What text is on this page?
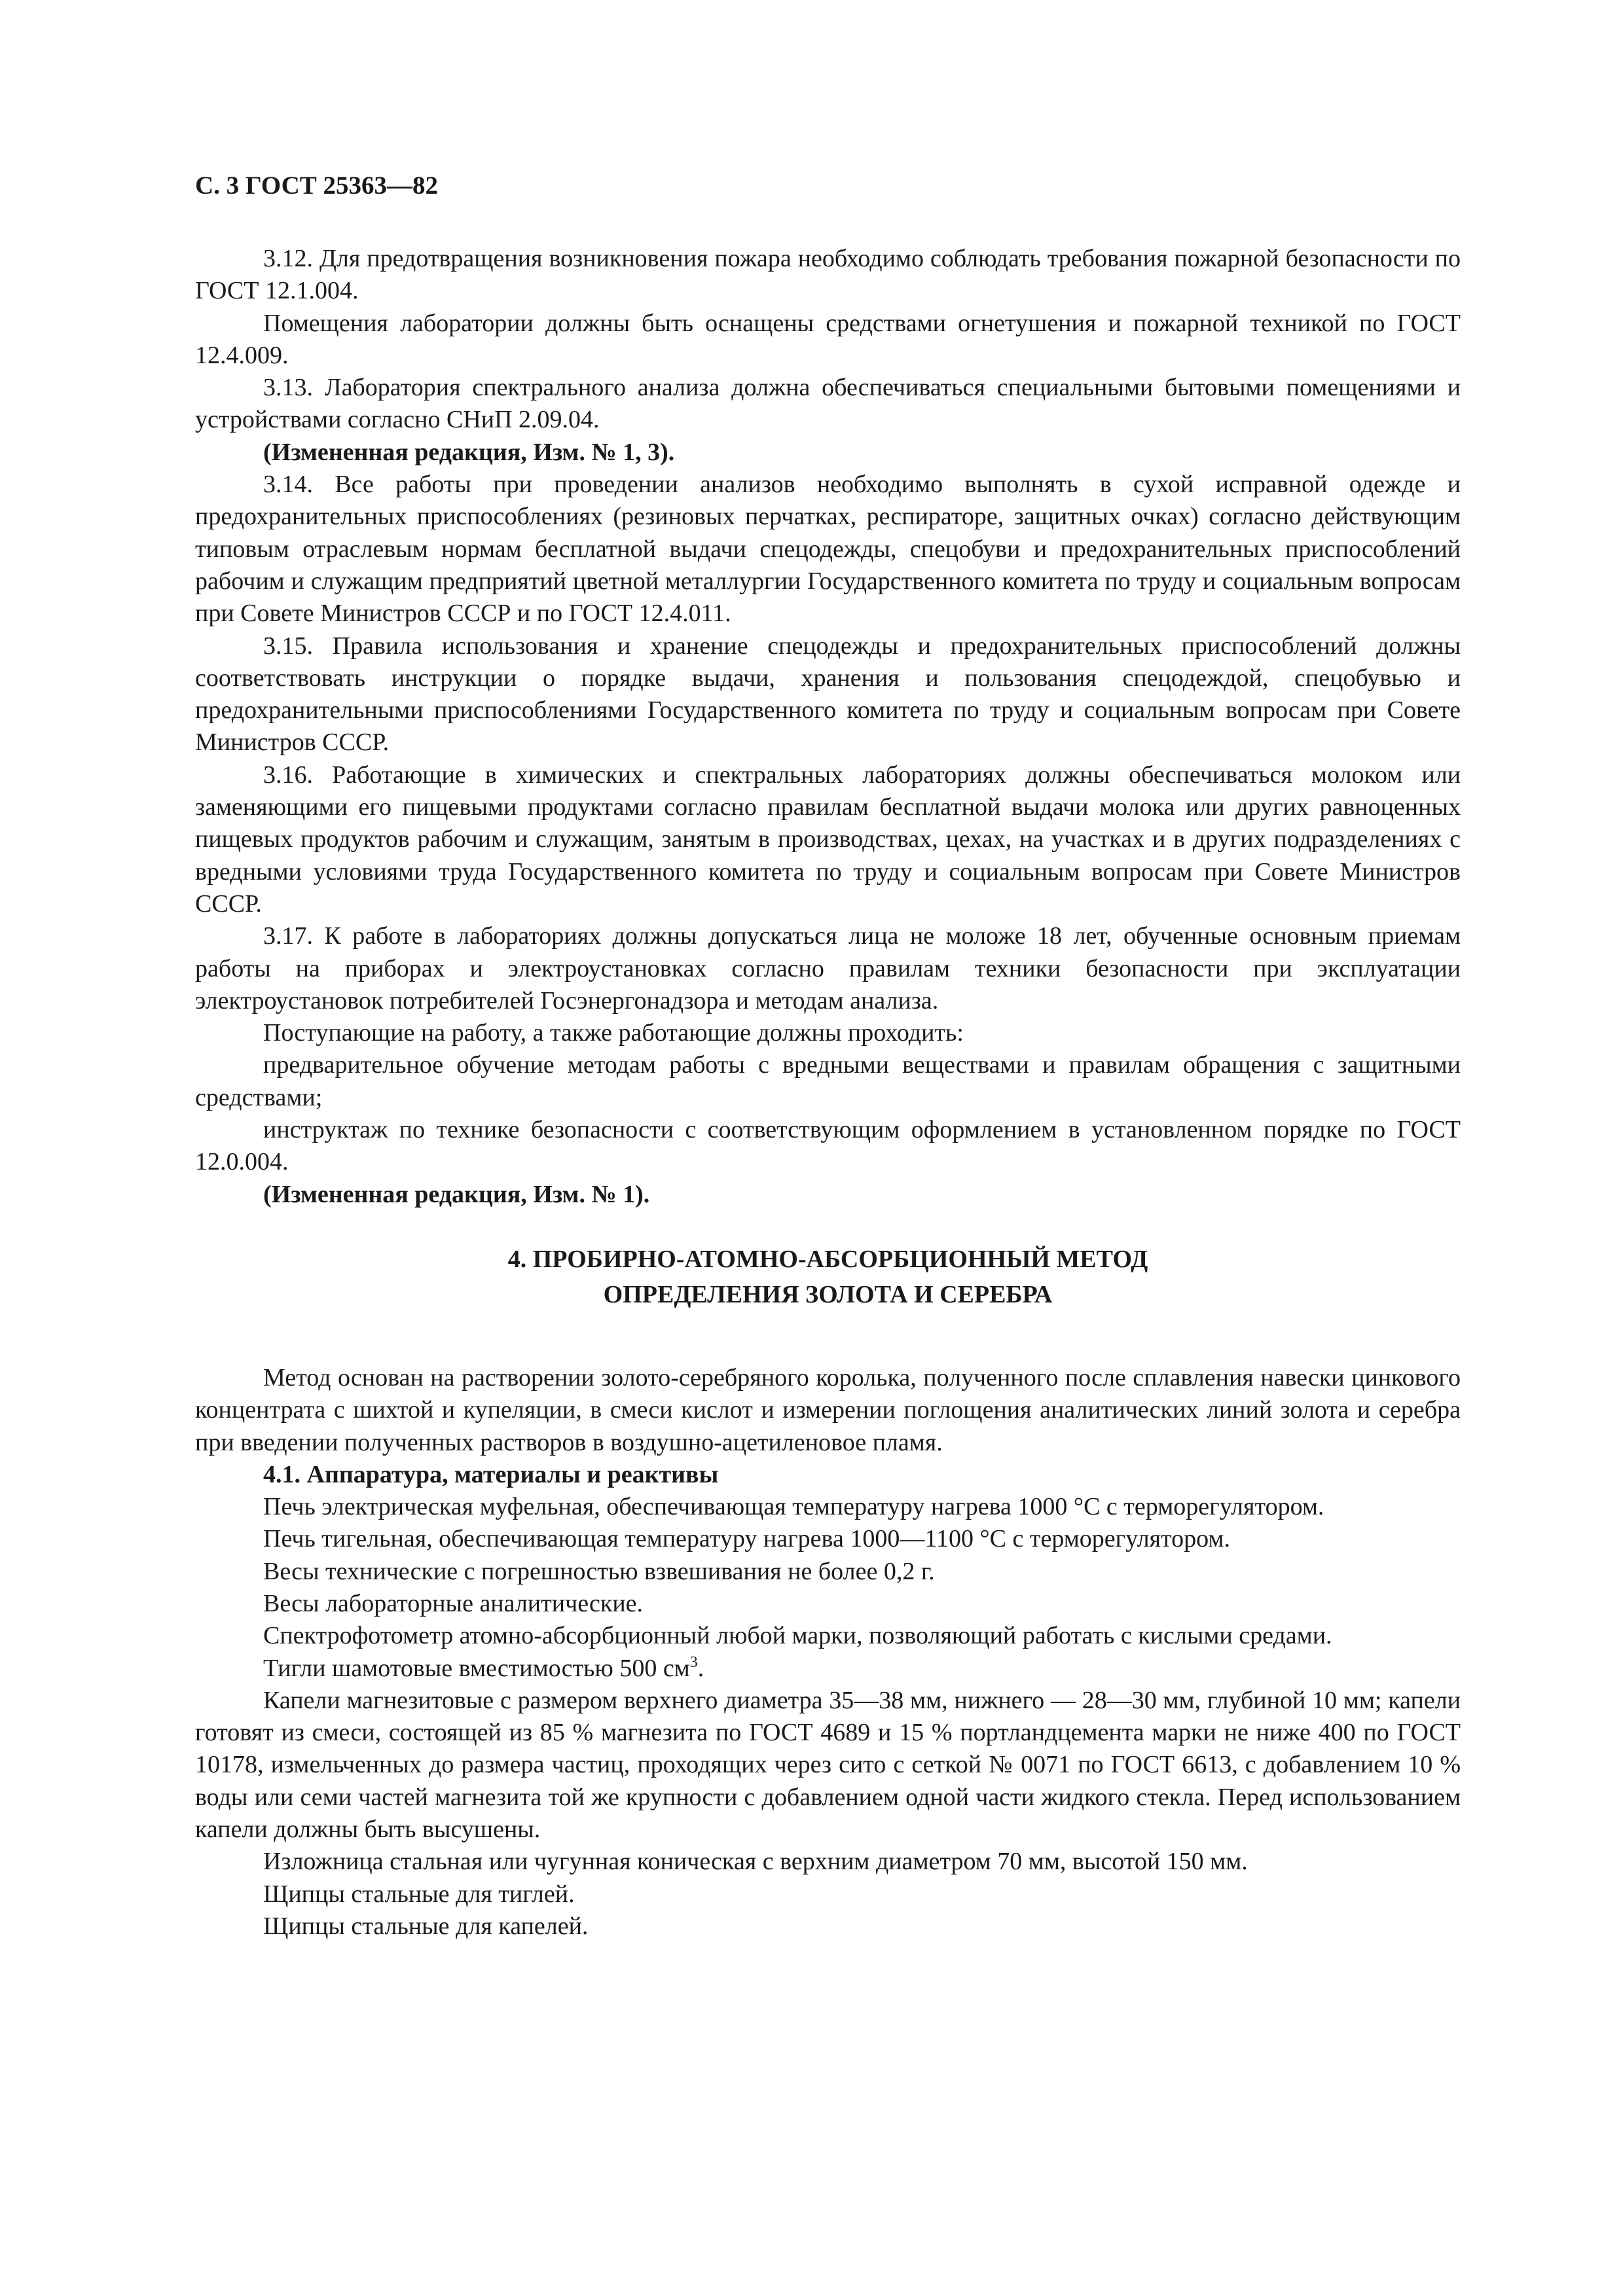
С. 3 ГОСТ 25363—82

3.12. Для предотвращения возникновения пожара необходимо соблюдать требования пожарной безопасности по ГОСТ 12.1.004.

Помещения лаборатории должны быть оснащены средствами огнетушения и пожарной техникой по ГОСТ 12.4.009.

3.13. Лаборатория спектрального анализа должна обеспечиваться специальными бытовыми помещениями и устройствами согласно СНиП 2.09.04.

(Измененная редакция, Изм. № 1, 3).

3.14. Все работы при проведении анализов необходимо выполнять в сухой исправной одежде и предохранительных приспособлениях (резиновых перчатках, респираторе, защитных очках) согласно действующим типовым отраслевым нормам бесплатной выдачи спецодежды, спецобуви и предохранительных приспособлений рабочим и служащим предприятий цветной металлургии Государственного комитета по труду и социальным вопросам при Совете Министров СССР и по ГОСТ 12.4.011.

3.15. Правила использования и хранение спецодежды и предохранительных приспособлений должны соответствовать инструкции о порядке выдачи, хранения и пользования спецодеждой, спецобувью и предохранительными приспособлениями Государственного комитета по труду и социальным вопросам при Совете Министров СССР.

3.16. Работающие в химических и спектральных лабораториях должны обеспечиваться молоком или заменяющими его пищевыми продуктами согласно правилам бесплатной выдачи молока или других равноценных пищевых продуктов рабочим и служащим, занятым в производствах, цехах, на участках и в других подразделениях с вредными условиями труда Государственного комитета по труду и социальным вопросам при Совете Министров СССР.

3.17. К работе в лабораториях должны допускаться лица не моложе 18 лет, обученные основным приемам работы на приборах и электроустановках согласно правилам техники безопасности при эксплуатации электроустановок потребителей Госэнергонадзора и методам анализа.

Поступающие на работу, а также работающие должны проходить:

предварительное обучение методам работы с вредными веществами и правилам обращения с защитными средствами;

инструктаж по технике безопасности с соответствующим оформлением в установленном порядке по ГОСТ 12.0.004.

(Измененная редакция, Изм. № 1).

4. ПРОБИРНО-АТОМНО-АБСОРБЦИОННЫЙ МЕТОД
ОПРЕДЕЛЕНИЯ ЗОЛОТА И СЕРЕБРА

Метод основан на растворении золото-серебряного королька, полученного после сплавления навески цинкового концентрата с шихтой и купеляции, в смеси кислот и измерении поглощения аналитических линий золота и серебра при введении полученных растворов в воздушно-ацетиленовое пламя.

4.1. Аппаратура, материалы и реактивы

Печь электрическая муфельная, обеспечивающая температуру нагрева 1000 °С с терморегулятором.

Печь тигельная, обеспечивающая температуру нагрева 1000—1100 °С с терморегулятором.

Весы технические с погрешностью взвешивания не более 0,2 г.

Весы лабораторные аналитические.

Спектрофотометр атомно-абсорбционный любой марки, позволяющий работать с кислыми средами.

Тигли шамотовые вместимостью 500 $см^3$.

Капели магнезитовые с размером верхнего диаметра 35—38 мм, нижнего — 28—30 мм, глубиной 10 мм; капели готовят из смеси, состоящей из 85 % магнезита по ГОСТ 4689 и 15 % портландцемента марки не ниже 400 по ГОСТ 10178, измельченных до размера частиц, проходящих через сито с сеткой № 0071 по ГОСТ 6613, с добавлением 10 % воды или семи частей магнезита той же крупности с добавлением одной части жидкого стекла. Перед использованием капели должны быть высушены.

Изложница стальная или чугунная коническая с верхним диаметром 70 мм, высотой 150 мм.

Щипцы стальные для тиглей.

Щипцы стальные для капелей.
